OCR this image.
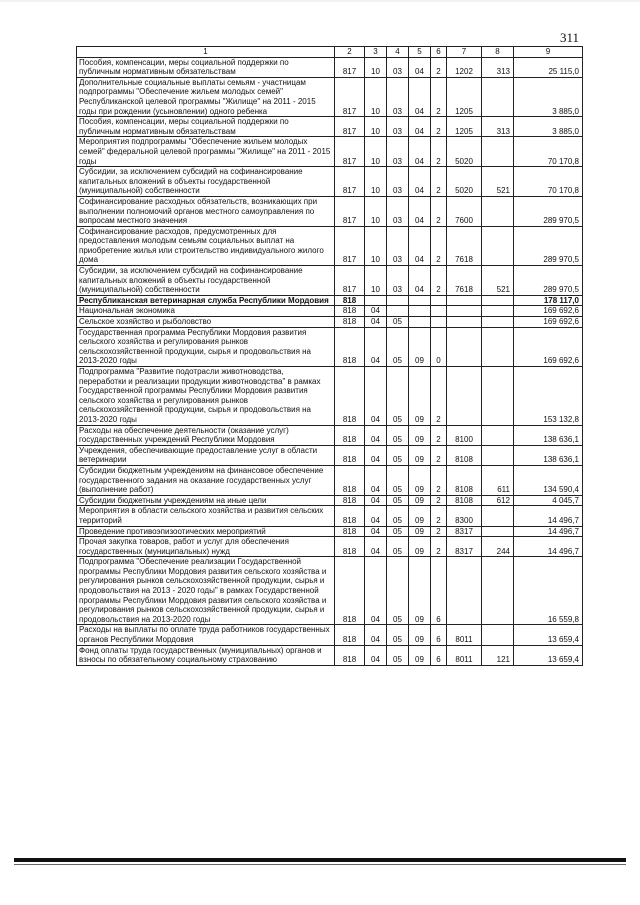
311
1	2	3	4	5	6	7	8	9
Пособия, компенсации, меры социальной поддержки по публичным нормативным обязательствам	817	10	03	04	2	1202	313	25 115,0
Дополнительные социальные выплаты семьям - участницам подпрограммы "Обеспечение жильем молодых семей" Республиканской целевой программы "Жилище" на 2011 - 2015 годы при рождении (усыновлении) одного ребенка	817	10	03	04	2	1205		3 885,0
Пособия, компенсации, меры социальной поддержки по публичным нормативным обязательствам	817	10	03	04	2	1205	313	3 885,0
Мероприятия подпрограммы "Обеспечение жильем молодых семей" федеральной целевой программы "Жилище" на 2011 - 2015 годы	817	10	03	04	2	5020		70 170,8
Субсидии, за исключением субсидий на софинансирование капитальных вложений в объекты государственной (муниципальной) собственности	817	10	03	04	2	5020	521	70 170,8
Софинансирование расходных обязательств, возникающих при выполнении полномочий органов местного самоуправления по вопросам местного значения	817	10	03	04	2	7600		289 970,5
Софинансирование расходов, предусмотренных для предоставления молодым семьям социальных выплат на приобретение жилья или строительство индивидуального жилого дома	817	10	03	04	2	7618		289 970,5
Субсидии, за исключением субсидий на софинансирование капитальных вложений в объекты государственной (муниципальной) собственности	817	10	03	04	2	7618	521	289 970,5
Республиканская ветеринарная служба Республики Мордовия	818							178 117,0
Национальная экономика	818	04						169 692,6
Сельское хозяйство и рыболовство	818	04	05					169 692,6
Государственная программа Республики Мордовия развития сельского хозяйства и регулирования рынков сельскохозяйственной продукции, сырья и продовольствия на 2013-2020 годы	818	04	05	09	0			169 692,6
Подпрограмма "Развитие подотрасли животноводства, переработки и реализации продукции животноводства" в рамках Государственной программы Республики Мордовия развития сельского хозяйства и регулирования рынков сельскохозяйственной продукции, сырья и продовольствия на 2013-2020 годы	818	04	05	09	2			153 132,8
Расходы на обеспечение деятельности (оказание услуг) государственных учреждений Республики Мордовия	818	04	05	09	2	8100		138 636,1
Учреждения, обеспечивающие предоставление услуг в области ветеринарии	818	04	05	09	2	8108		138 636,1
Субсидии бюджетным учреждениям на финансовое обеспечение государственного задания на оказание государственных услуг (выполнение работ)	818	04	05	09	2	8108	611	134 590,4
Субсидии бюджетным учреждениям на иные цели	818	04	05	09	2	8108	612	4 045,7
Мероприятия в области сельского хозяйства и развития сельских территорий	818	04	05	09	2	8300		14 496,7
Проведение противоэпизоотических мероприятий	818	04	05	09	2	8317		14 496,7
Прочая закупка товаров, работ и услуг для обеспечения государственных (муниципальных) нужд	818	04	05	09	2	8317	244	14 496,7
Подпрограмма "Обеспечение реализации Государственной программы Республики Мордовия развития сельского хозяйства и регулирования рынков сельскохозяйственной продукции, сырья и продовольствия на 2013 - 2020 годы" в рамках Государственной программы Республики Мордовия развития сельского хозяйства и регулирования рынков сельскохозяйственной продукции, сырья и продовольствия на 2013-2020 годы	818	04	05	09	6			16 559,8
Расходы на выплаты по оплате труда работников государственных органов Республики Мордовия	818	04	05	09	6	8011		13 659,4
Фонд оплаты труда государственных (муниципальных) органов и взносы по обязательному социальному страхованию	818	04	05	09	6	8011	121	13 659,4
